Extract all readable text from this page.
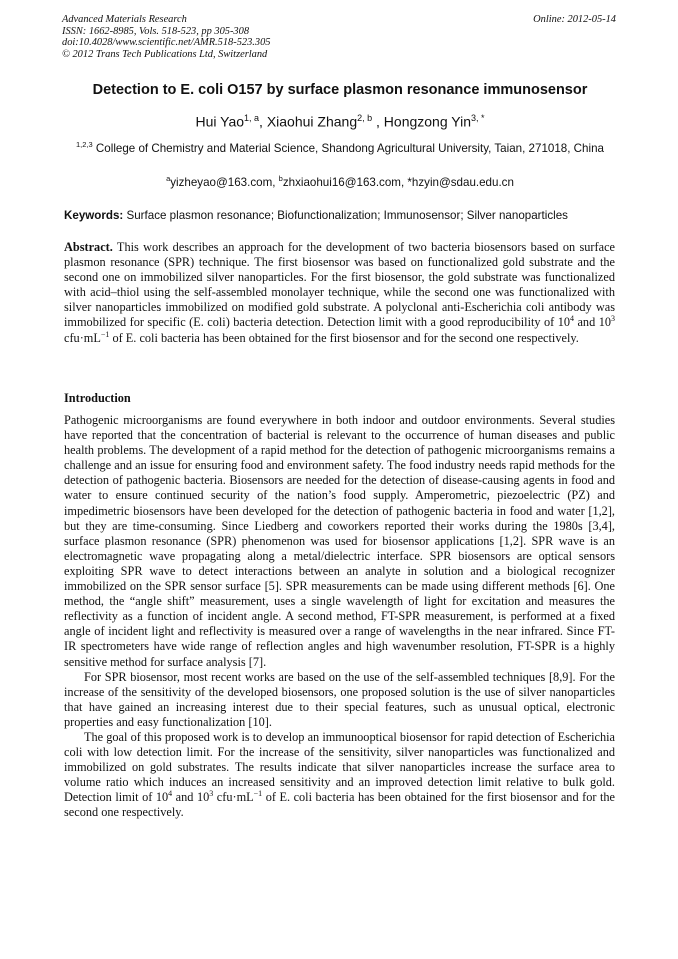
Advanced Materials Research
ISSN: 1662-8985, Vols. 518-523, pp 305-308
doi:10.4028/www.scientific.net/AMR.518-523.305
© 2012 Trans Tech Publications Ltd, Switzerland
Online: 2012-05-14
Detection to E. coli O157 by surface plasmon resonance immunosensor
Hui Yao$^{1, a}$, Xiaohui Zhang$^{2, b}$ , Hongzong Yin$^{3, *}$
$^{1,2,3}$ College of Chemistry and Material Science, Shandong Agricultural University, Taian, 271018, China
$^a$yizheyao@163.com, $^b$zhxiaohui16@163.com, *hzyin@sdau.edu.cn
Keywords: Surface plasmon resonance; Biofunctionalization; Immunosensor; Silver nanoparticles

Abstract. This work describes an approach for the development of two bacteria biosensors based on surface plasmon resonance (SPR) technique. The first biosensor was based on functionalized gold substrate and the second one on immobilized silver nanoparticles. For the first biosensor, the gold substrate was functionalized with acid–thiol using the self-assembled monolayer technique, while the second one was functionalized with silver nanoparticles immobilized on modified gold substrate. A polyclonal anti-Escherichia coli antibody was immobilized for specific (E. coli) bacteria detection. Detection limit with a good reproducibility of $10^4$ and $10^3$ $cfu\cdot mL^{-1}$ of E. coli bacteria has been obtained for the first biosensor and for the second one respectively.

Introduction

Pathogenic microorganisms are found everywhere in both indoor and outdoor environments. Several studies have reported that the concentration of bacterial is relevant to the occurrence of human diseases and public health problems. The development of a rapid method for the detection of pathogenic microorganisms remains a challenge and an issue for ensuring food and environment safety. The food industry needs rapid methods for the detection of pathogenic bacteria. Biosensors are needed for the detection of disease-causing agents in food and water to ensure continued security of the nation’s food supply. Amperometric, piezoelectric (PZ) and impedimetric biosensors have been developed for the detection of pathogenic bacteria in food and water [1,2], but they are time-consuming. Since Liedberg and coworkers reported their works during the 1980s [3,4], surface plasmon resonance (SPR) phenomenon was used for biosensor applications [1,2]. SPR wave is an electromagnetic wave propagating along a metal/dielectric interface. SPR biosensors are optical sensors exploiting SPR wave to detect interactions between an analyte in solution and a biological recognizer immobilized on the SPR sensor surface [5]. SPR measurements can be made using different methods [6]. One method, the “angle shift” measurement, uses a single wavelength of light for excitation and measures the reflectivity as a function of incident angle. A second method, FT-SPR measurement, is performed at a fixed angle of incident light and reflectivity is measured over a range of wavelengths in the near infrared. Since FT-IR spectrometers have wide range of reflection angles and high wavenumber resolution, FT-SPR is a highly sensitive method for surface analysis [7].

For SPR biosensor, most recent works are based on the use of the self-assembled techniques [8,9]. For the increase of the sensitivity of the developed biosensors, one proposed solution is the use of silver nanoparticles that have gained an increasing interest due to their special features, such as unusual optical, electronic properties and easy functionalization [10].

The goal of this proposed work is to develop an immunooptical biosensor for rapid detection of Escherichia coli with low detection limit. For the increase of the sensitivity, silver nanoparticles was functionalized and immobilized on gold substrates. The results indicate that silver nanoparticles increase the surface area to volume ratio which induces an increased sensitivity and an improved detection limit relative to bulk gold. Detection limit of $10^4$ and $10^3$ $cfu\cdot mL^{-1}$ of E. coli bacteria has been obtained for the first biosensor and for the second one respectively.
